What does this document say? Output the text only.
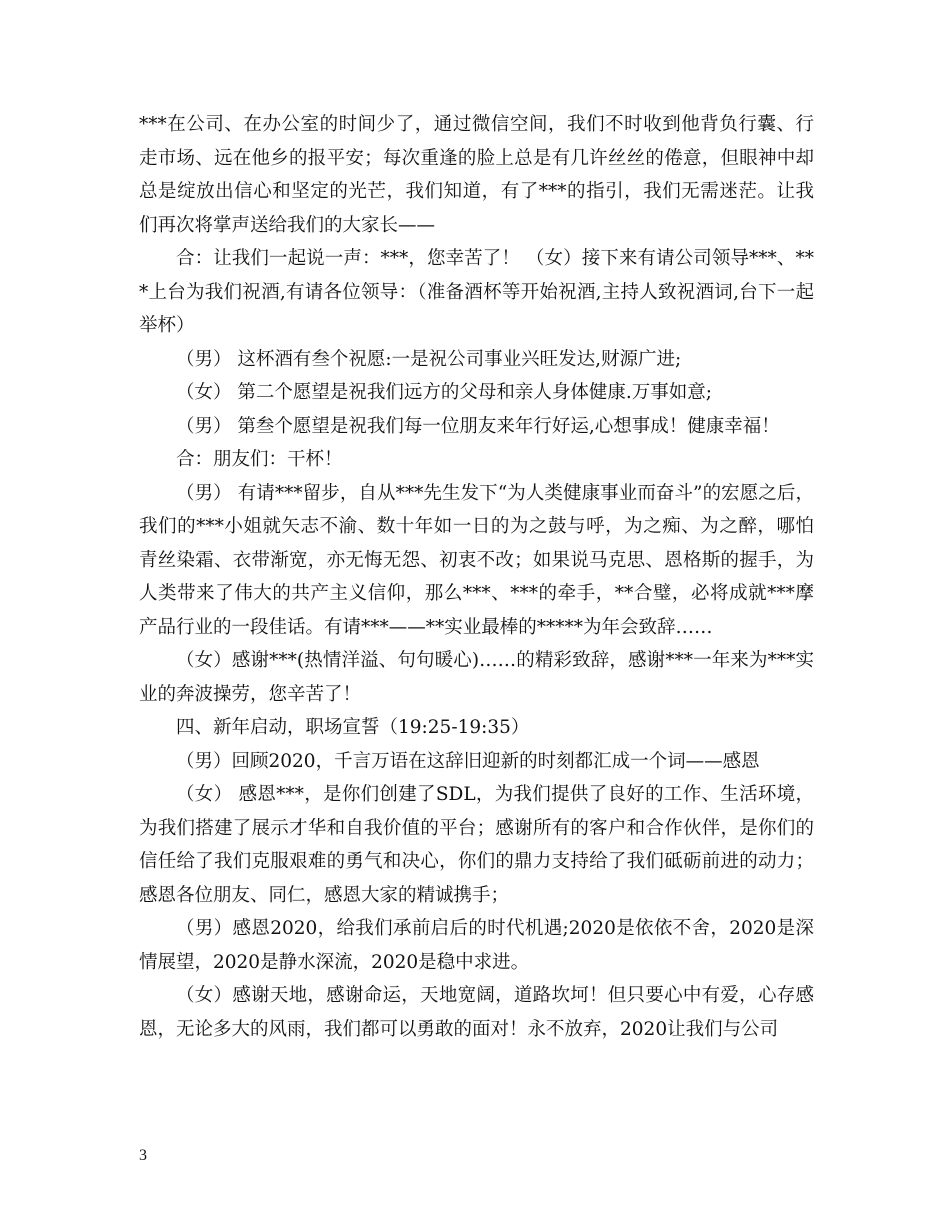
***在公司、在办公室的时间少了，通过微信空间，我们不时收到他背负行囊、行走市场、远在他乡的报平安；每次重逢的脸上总是有几许丝丝的倦意，但眼神中却总是绽放出信心和坚定的光芒，我们知道，有了***的指引，我们无需迷茫。让我们再次将掌声送给我们的大家长——

合：让我们一起说一声：***，您幸苦了！ （女）接下来有请公司领导***、***上台为我们祝酒,有请各位领导：（准备酒杯等开始祝酒,主持人致祝酒词,台下一起举杯）

（男） 这杯酒有叁个祝愿:一是祝公司事业兴旺发达,财源广进;

（女） 第二个愿望是祝我们远方的父母和亲人身体健康.万事如意;

（男） 第叁个愿望是祝我们每一位朋友来年行好运,心想事成！健康幸福！

合：朋友们：干杯！

（男） 有请***留步，自从***先生发下“为人类健康事业而奋斗”的宏愿之后，我们的***小姐就矢志不渝、数十年如一日的为之鼓与呼，为之痴、为之醉，哪怕青丝染霜、衣带渐宽，亦无悔无怨、初衷不改；如果说马克思、恩格斯的握手，为人类带来了伟大的共产主义信仰，那么***、***的牵手，**合璧，必将成就***摩产品行业的一段佳话。有请***——**实业最棒的*****为年会致辞……

（女）感谢***(热情洋溢、句句暖心)……的精彩致辞，感谢***一年来为***实业的奔波操劳，您辛苦了！

四、新年启动，职场宣誓（19:25-19:35）

（男）回顾2020，千言万语在这辞旧迎新的时刻都汇成一个词——感恩

（女） 感恩***，是你们创建了SDL，为我们提供了良好的工作、生活环境，为我们搭建了展示才华和自我价值的平台；感谢所有的客户和合作伙伴，是你们的信任给了我们克服艰难的勇气和决心，你们的鼎力支持给了我们砥砺前进的动力；感恩各位朋友、同仁，感恩大家的精诚携手；

（男）感恩2020，给我们承前启后的时代机遇;2020是依依不舍，2020是深情展望，2020是静水深流，2020是稳中求进。

（女）感谢天地，感谢命运，天地宽阔，道路坎坷！但只要心中有爱，心存感恩，无论多大的风雨，我们都可以勇敢的面对！永不放弃，2020让我们与公司

3
